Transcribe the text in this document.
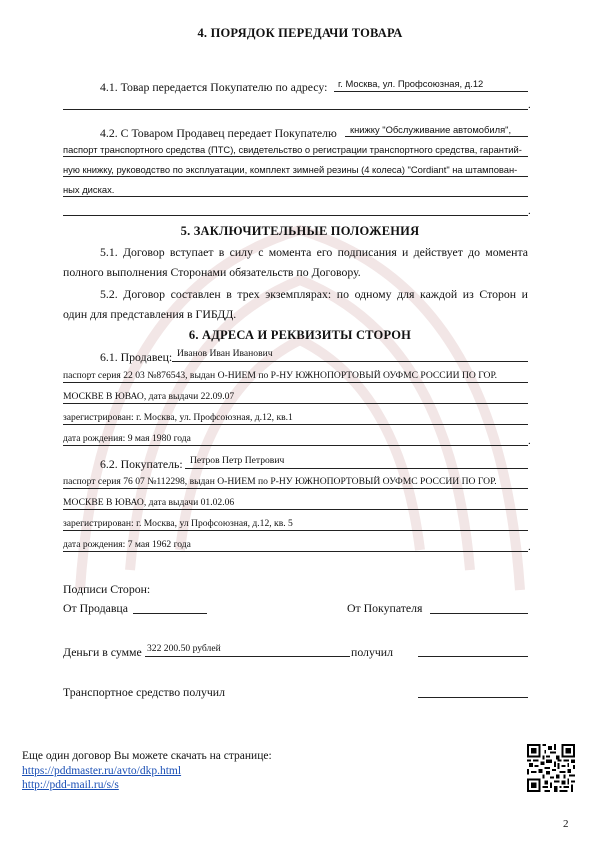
4. ПОРЯДОК ПЕРЕДАЧИ ТОВАРА
4.1. Товар передается Покупателю по адресу: г. Москва, ул. Профсоюзная, д.12
.
4.2. С Товаром Продавец передает Покупателю книжку "Обслуживание автомобиля",
паспорт транспортного средства (ПТС), свидетельство о регистрации транспортного средства, гарантий-
ную книжку, руководство по эксплуатации, комплект зимней резины (4 колеса) "Cordiant" на штампован-
ных дисках.
.
5. ЗАКЛЮЧИТЕЛЬНЫЕ ПОЛОЖЕНИЯ
5.1. Договор вступает в силу с момента его подписания и действует до момента
полного выполнения Сторонами обязательств по Договору.
5.2. Договор составлен в трех экземплярах: по одному для каждой из Сторон и
один для представления в ГИБДД.
6. АДРЕСА И РЕКВИЗИТЫ СТОРОН
6.1. Продавец: Иванов Иван Иванович
паспорт серия 22 03 №876543, выдан О-НИЕМ по Р-НУ ЮЖНОПОРТОВЫЙ ОУФМС РОССИИ ПО ГОР.
МОСКВЕ В ЮВАО, дата выдачи 22.09.07
зарегистрирован: г. Москва, ул. Профсоюзная, д.12, кв.1
дата рождения: 9 мая 1980 года	.
6.2. Покупатель: Петров Петр Петрович
паспорт серия 76 07 №112298, выдан О-НИЕМ по Р-НУ ЮЖНОПОРТОВЫЙ ОУФМС РОССИИ ПО ГОР.
МОСКВЕ В ЮВАО, дата выдачи 01.02.06
зарегистрирован: г. Москва, ул Профсоюзная, д.12, кв. 5
дата рождения: 7 мая 1962 года	.
Подписи Сторон:
От Продавца	От Покупателя
Деньги в сумме 322 200.50 рублей	получил
Транспортное средство получил
Еще один договор Вы можете скачать на странице:
https://pddmaster.ru/avto/dkp.html
http://pdd-mail.ru/s/s
2
